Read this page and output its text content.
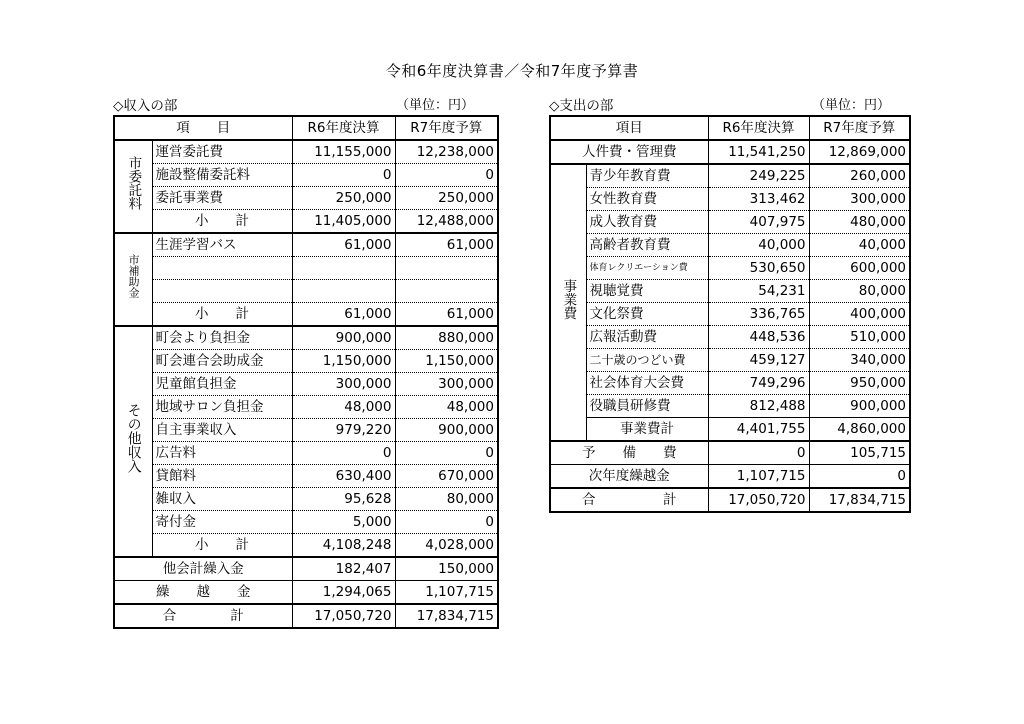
令和6年度決算書／令和7年度予算書
◇収入の部	（単位：円）	◇支出の部	（単位：円）
項　　目		R6年度決算	R7年度予算
市委託料	運営委託費	11,155,000	12,238,000
	施設整備委託料	0	0
	委託事業費	250,000	250,000
	小　　計	11,405,000	12,488,000
市補助金	生涯学習バス	61,000	61,000

	小　　計	61,000	61,000
その他収入	町会より負担金	900,000	880,000
	町会連合会助成金	1,150,000	1,150,000
	児童館負担金	300,000	300,000
	地域サロン負担金	48,000	48,000
	自主事業収入	979,220	900,000
	広告料	0	0
	貸館料	630,400	670,000
	雑収入	95,628	80,000
	寄付金	5,000	0
	小　　計	4,108,248	4,028,000
他会計繰入金		182,407	150,000
繰　　越　　金		1,294,065	1,107,715
合　　　　計		17,050,720	17,834,715
項目		R6年度決算	R7年度予算
人件費・管理費		11,541,250	12,869,000
事業費	青少年教育費	249,225	260,000
	女性教育費	313,462	300,000
	成人教育費	407,975	480,000
	高齢者教育費	40,000	40,000
	体育レクリエーション費	530,650	600,000
	視聴覚費	54,231	80,000
	文化祭費	336,765	400,000
	広報活動費	448,536	510,000
	二十歳のつどい費	459,127	340,000
	社会体育大会費	749,296	950,000
	役職員研修費	812,488	900,000
	事業費計	4,401,755	4,860,000
予　　備　　費		0	105,715
次年度繰越金		1,107,715	0
合　　　　　計		17,050,720	17,834,715
